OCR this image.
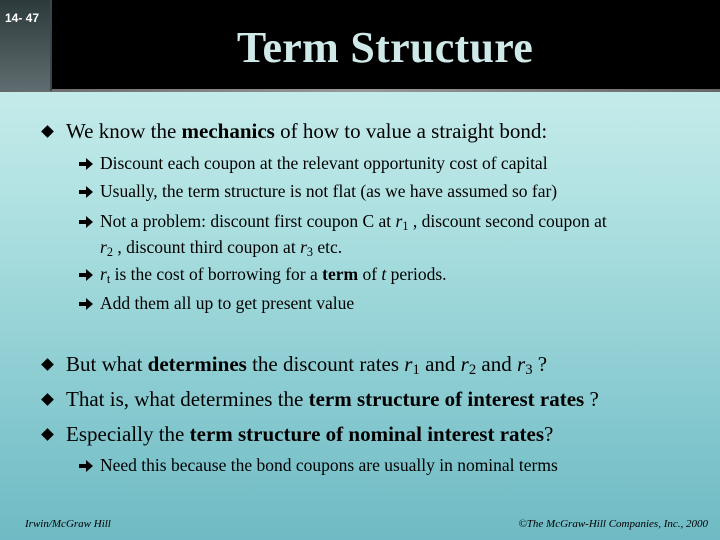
14- 47
Term Structure
We know the mechanics of how to value a straight bond:
Discount each coupon at the relevant opportunity cost of capital
Usually, the term structure is not flat (as we have assumed so far)
Not a problem: discount first coupon C at $r_1$ , discount second coupon at
$r_2$ , discount third coupon at $r_3$ etc.
$r_t$ is the cost of borrowing for a term of t periods.
Add them all up to get present value
But what determines the discount rates $r_1$ and $r_2$ and $r_3$ ?
That is, what determines the term structure of interest rates ?
Especially the term structure of nominal interest rates?
Need this because the bond coupons are usually in nominal terms
Irwin/McGraw Hill	©The McGraw-Hill Companies, Inc., 2000
